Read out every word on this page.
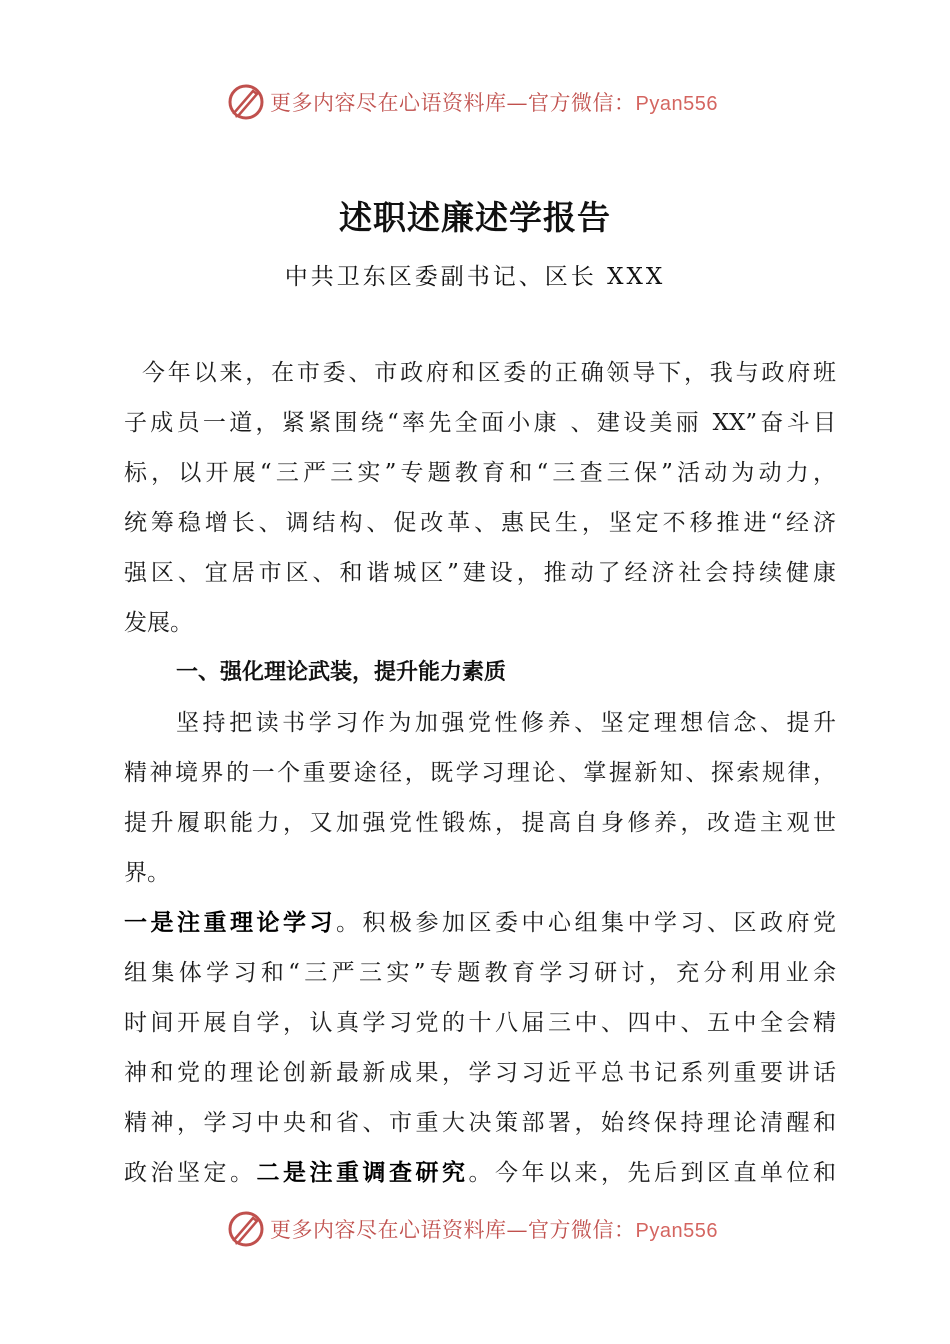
更多内容尽在心语资料库—官方微信：Pyan556
述职述廉述学报告
中共卫东区委副书记、区长 XXX
今年以来，在市委、市政府和区委的正确领导下，我与政府班
子成员一道，紧紧围绕“率先全面小康 、建设美丽 XX”奋斗目
标，以开展“三严三实”专题教育和“三查三保”活动为动力，
统筹稳增长、调结构、促改革、惠民生，坚定不移推进“经济
强区、宜居市区、和谐城区”建设，推动了经济社会持续健康
发展。
一、强化理论武装，提升能力素质
坚持把读书学习作为加强党性修养、坚定理想信念、提升
精神境界的一个重要途径，既学习理论、掌握新知、探索规律，
提升履职能力，又加强党性锻炼，提高自身修养，改造主观世
界。
一是注重理论学习。积极参加区委中心组集中学习、区政府党
组集体学习和“三严三实”专题教育学习研讨，充分利用业余
时间开展自学，认真学习党的十八届三中、四中、五中全会精
神和党的理论创新最新成果，学习习近平总书记系列重要讲话
精神，学习中央和省、市重大决策部署，始终保持理论清醒和
政治坚定。二是注重调查研究。今年以来，先后到区直单位和
更多内容尽在心语资料库—官方微信：Pyan556
